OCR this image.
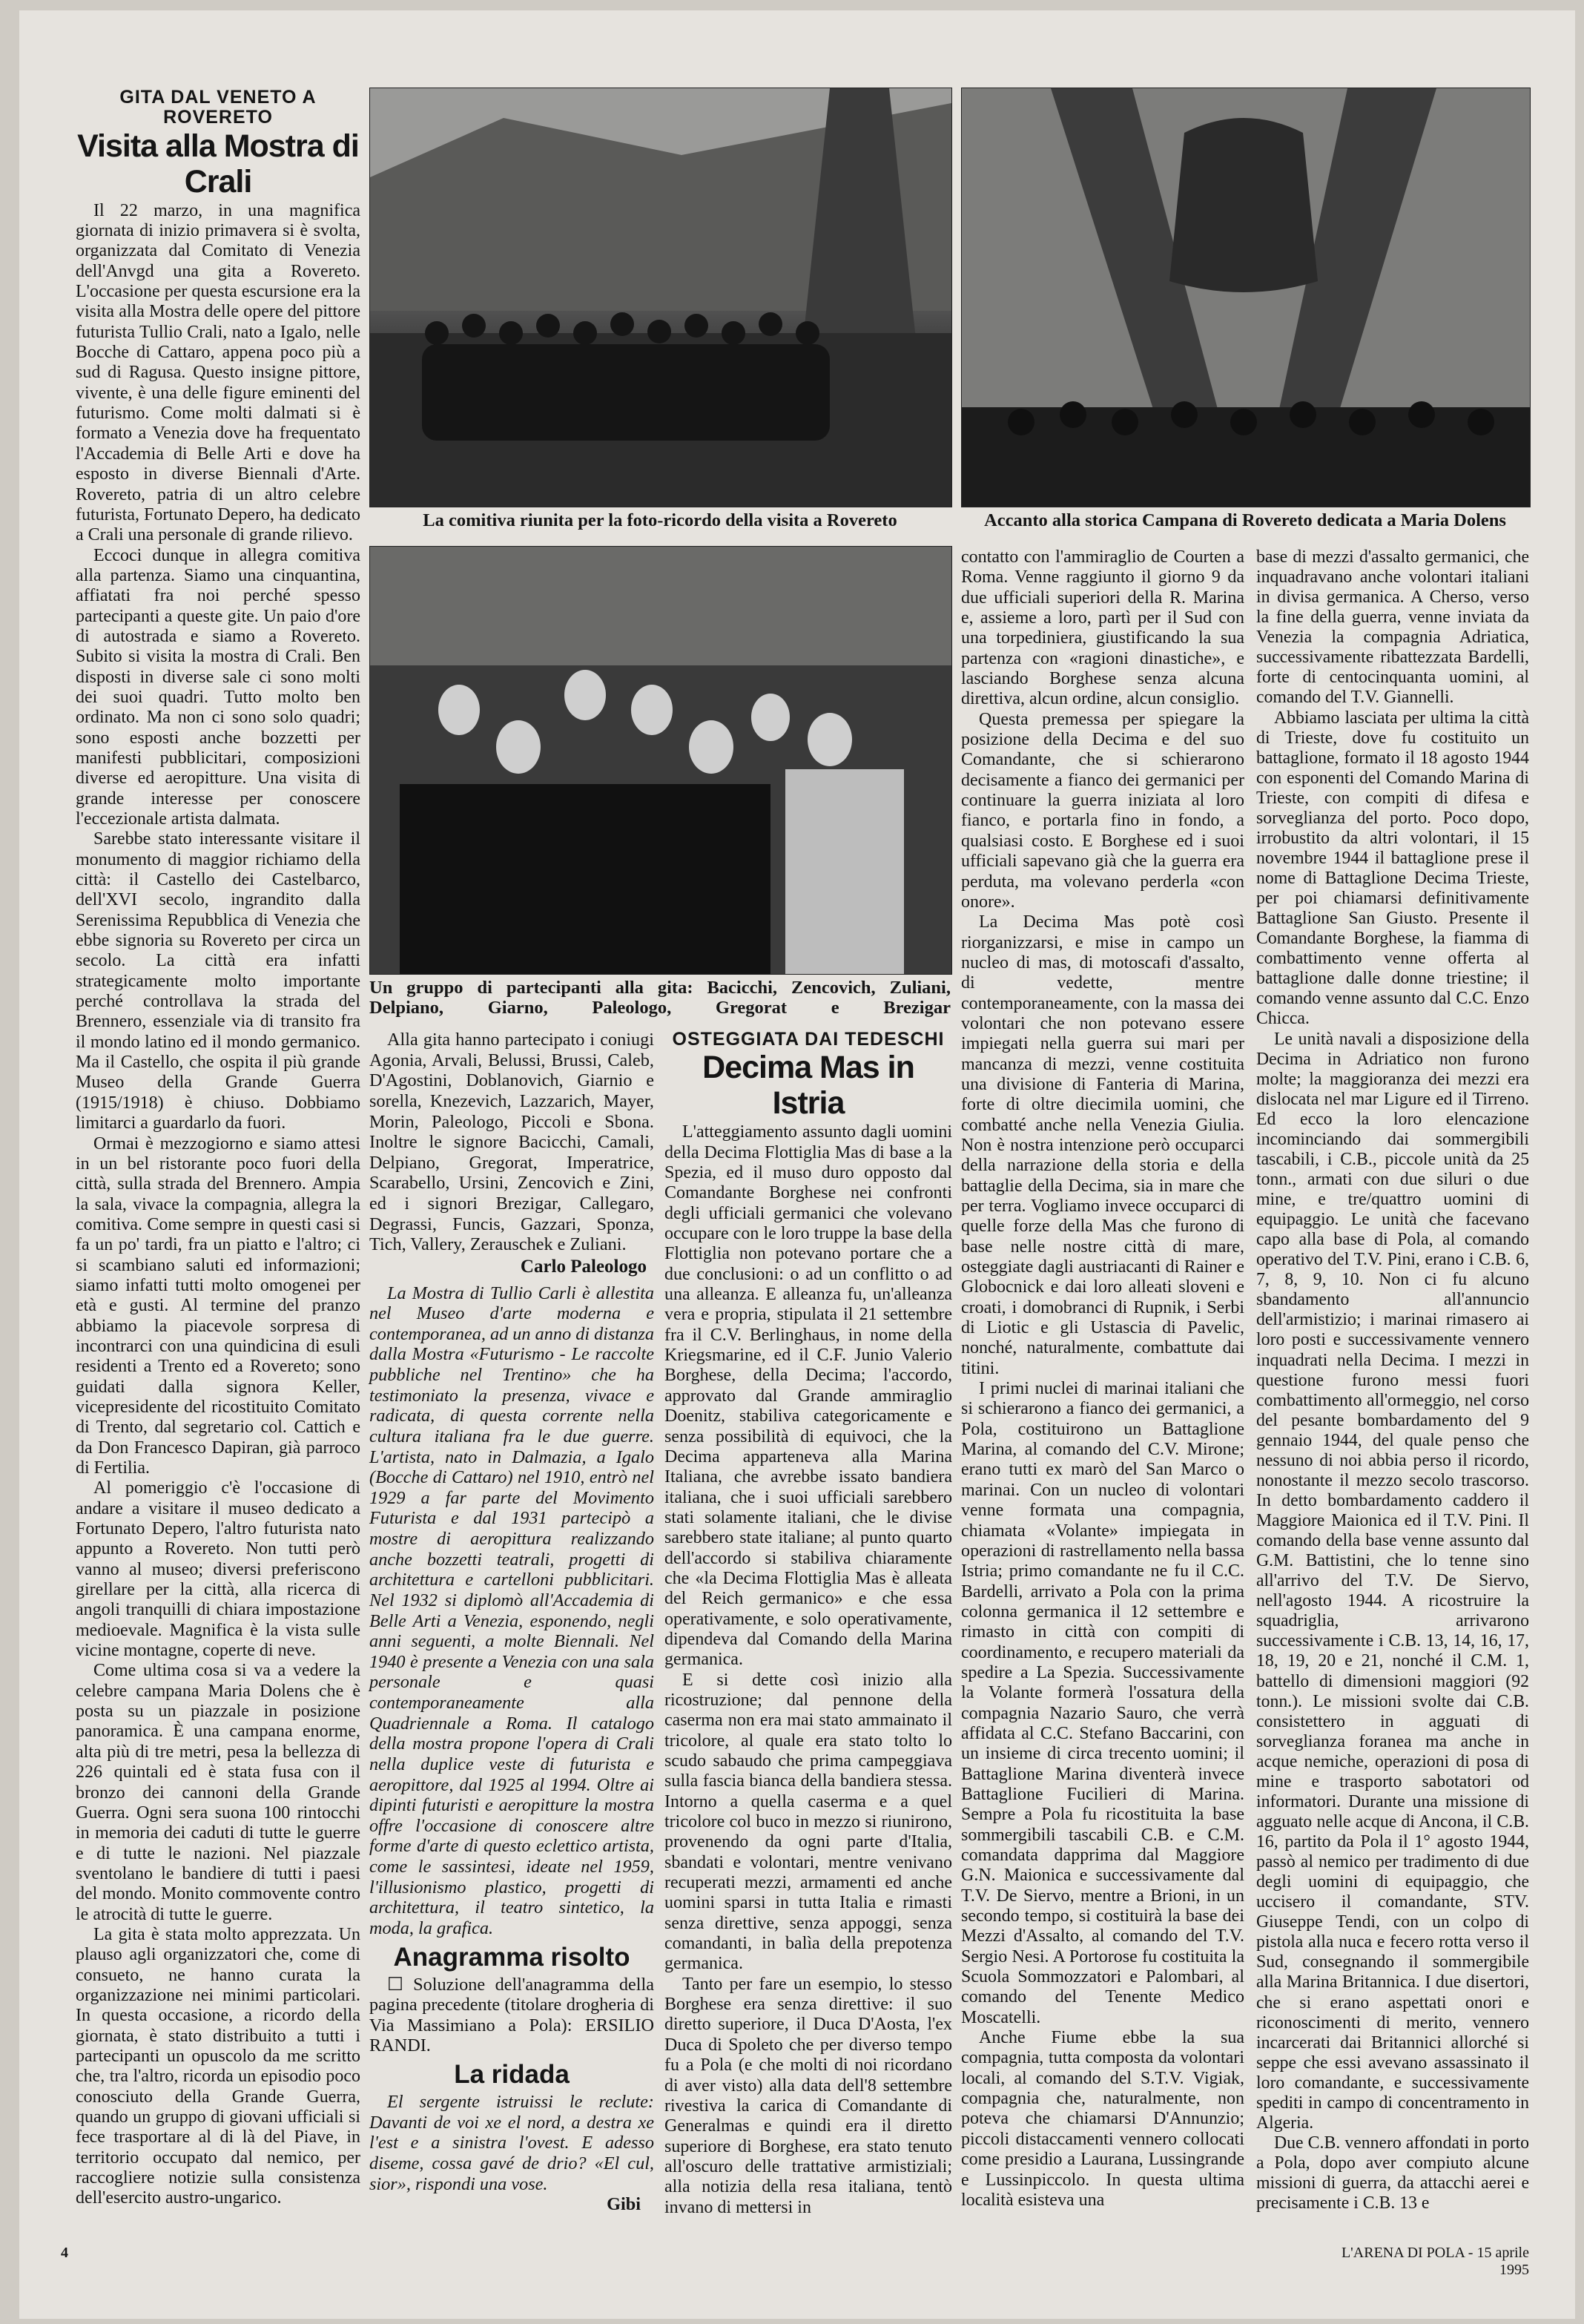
GITA DAL VENETO A ROVERETO
Visita alla Mostra di Crali

Il 22 marzo, in una magnifica giornata di inizio primavera si è svolta, organizzata dal Comitato di Venezia dell'Anvgd una gita a Rovereto. L'occasione per questa escursione era la visita alla Mostra delle opere del pittore futurista Tullio Crali, nato a Igalo, nelle Bocche di Cattaro, appena poco più a sud di Ragusa. Questo insigne pittore, vivente, è una delle figure eminenti del futurismo. Come molti dalmati si è formato a Venezia dove ha frequentato l'Accademia di Belle Arti e dove ha esposto in diverse Biennali d'Arte. Rovereto, patria di un altro celebre futurista, Fortunato Depero, ha dedicato a Crali una personale di grande rilievo.

Eccoci dunque in allegra comitiva alla partenza. Siamo una cinquantina, affiatati fra noi perché spesso partecipanti a queste gite. Un paio d'ore di autostrada e siamo a Rovereto. Subito si visita la mostra di Crali. Ben disposti in diverse sale ci sono molti dei suoi quadri. Tutto molto ben ordinato. Ma non ci sono solo quadri; sono esposti anche bozzetti per manifesti pubblicitari, composizioni diverse ed aeropitture. Una visita di grande interesse per conoscere l'eccezionale artista dalmata.

Sarebbe stato interessante visitare il monumento di maggior richiamo della città: il Castello dei Castelbarco, dell'XVI secolo, ingrandito dalla Serenissima Repubblica di Venezia che ebbe signoria su Rovereto per circa un secolo. La città era infatti strategicamente molto importante perché controllava la strada del Brennero, essenziale via di transito fra il mondo latino ed il mondo germanico. Ma il Castello, che ospita il più grande Museo della Grande Guerra (1915/1918) è chiuso. Dobbiamo limitarci a guardarlo da fuori.

Ormai è mezzogiorno e siamo attesi in un bel ristorante poco fuori della città, sulla strada del Brennero. Ampia la sala, vivace la compagnia, allegra la comitiva. Come sempre in questi casi si fa un po' tardi, fra un piatto e l'altro; ci si scambiano saluti ed informazioni; siamo infatti tutti molto omogenei per età e gusti. Al termine del pranzo abbiamo la piacevole sorpresa di incontrarci con una quindicina di esuli residenti a Trento ed a Rovereto; sono guidati dalla signora Keller, vicepresidente del ricostituito Comitato di Trento, dal segretario col. Cattich e da Don Francesco Dapiran, già parroco di Fertilia.

Al pomeriggio c'è l'occasione di andare a visitare il museo dedicato a Fortunato Depero, l'altro futurista nato appunto a Rovereto. Non tutti però vanno al museo; diversi preferiscono girellare per la città, alla ricerca di angoli tranquilli di chiara impostazione medioevale. Magnifica è la vista sulle vicine montagne, coperte di neve.

Come ultima cosa si va a vedere la celebre campana Maria Dolens che è posta su un piazzale in posizione panoramica. È una campana enorme, alta più di tre metri, pesa la bellezza di 226 quintali ed è stata fusa con il bronzo dei cannoni della Grande Guerra. Ogni sera suona 100 rintocchi in memoria dei caduti di tutte le guerre e di tutte le nazioni. Nel piazzale sventolano le bandiere di tutti i paesi del mondo. Monito commovente contro le atrocità di tutte le guerre.

La gita è stata molto apprezzata. Un plauso agli organizzatori che, come di consueto, ne hanno curata la organizzazione nei minimi particolari. In questa occasione, a ricordo della giornata, è stato distribuito a tutti i partecipanti un opuscolo da me scritto che, tra l'altro, ricorda un episodio poco conosciuto della Grande Guerra, quando un gruppo di giovani ufficiali si fece trasportare al di là del Piave, in territorio occupato dal nemico, per raccogliere notizie sulla consistenza dell'esercito austro-ungarico.

La comitiva riunita per la foto-ricordo della visita a Rovereto	Accanto alla storica Campana di Rovereto dedicata a Maria Dolens
Un gruppo di partecipanti alla gita: Bacicchi, Zencovich, Zuliani, Delpiano, Giarno, Paleologo, Gregorat e Brezigar

Alla gita hanno partecipato i coniugi Agonia, Arvali, Belussi, Brussi, Caleb, D'Agostini, Doblanovich, Giarnio e sorella, Knezevich, Lazzarich, Mayer, Morin, Paleologo, Piccoli e Sbona. Inoltre le signore Bacicchi, Camali, Delpiano, Gregorat, Imperatrice, Scarabello, Ursini, Zencovich e Zini, ed i signori Brezigar, Callegaro, Degrassi, Funcis, Gazzari, Sponza, Tich, Vallery, Zerauschek e Zuliani.

Carlo Paleologo

La Mostra di Tullio Carli è allestita nel Museo d'arte moderna e contemporanea, ad un anno di distanza dalla Mostra «Futurismo - Le raccolte pubbliche nel Trentino» che ha testimoniato la presenza, vivace e radicata, di questa corrente nella cultura italiana fra le due guerre. L'artista, nato in Dalmazia, a Igalo (Bocche di Cattaro) nel 1910, entrò nel 1929 a far parte del Movimento Futurista e dal 1931 partecipò a mostre di aeropittura realizzando anche bozzetti teatrali, progetti di architettura e cartelloni pubblicitari. Nel 1932 si diplomò all'Accademia di Belle Arti a Venezia, esponendo, negli anni seguenti, a molte Biennali. Nel 1940 è presente a Venezia con una sala personale e quasi contemporaneamente alla Quadriennale a Roma. Il catalogo della mostra propone l'opera di Crali nella duplice veste di futurista e aeropittore, dal 1925 al 1994. Oltre ai dipinti futuristi e aeropitture la mostra offre l'occasione di conoscere altre forme d'arte di questo eclettico artista, come le sassintesi, ideate nel 1959, l'illusionismo plastico, progetti di architettura, il teatro sintetico, la moda, la grafica.

Anagramma risolto

☐ Soluzione dell'anagramma della pagina precedente (titolare drogheria di Via Massimiano a Pola): ERSILIO RANDI.

La ridada

El sergente istruissi le reclute: Davanti de voi xe el nord, a destra xe l'est e a sinistra l'ovest. E adesso diseme, cossa gavé de drio? «El cul, sior», rispondi una vose.

Gibi
OSTEGGIATA DAI TEDESCHI
Decima Mas in Istria

L'atteggiamento assunto dagli uomini della Decima Flottiglia Mas di base a la Spezia, ed il muso duro opposto dal Comandante Borghese nei confronti degli ufficiali germanici che volevano occupare con le loro truppe la base della Flottiglia non potevano portare che a due conclusioni: o ad un conflitto o ad una alleanza. E alleanza fu, un'alleanza vera e propria, stipulata il 21 settembre fra il C.V. Berlinghaus, in nome della Kriegsmarine, ed il C.F. Junio Valerio Borghese, della Decima; l'accordo, approvato dal Grande ammiraglio Doenitz, stabiliva categoricamente e senza possibilità di equivoci, che la Decima apparteneva alla Marina Italiana, che avrebbe issato bandiera italiana, che i suoi ufficiali sarebbero stati solamente italiani, che le divise sarebbero state italiane; al punto quarto dell'accordo si stabiliva chiaramente che «la Decima Flottiglia Mas è alleata del Reich germanico» e che essa operativamente, e solo operativamente, dipendeva dal Comando della Marina germanica.

E si dette così inizio alla ricostruzione; dal pennone della caserma non era mai stato ammainato il tricolore, al quale era stato tolto lo scudo sabaudo che prima campeggiava sulla fascia bianca della bandiera stessa. Intorno a quella caserma e a quel tricolore col buco in mezzo si riunirono, provenendo da ogni parte d'Italia, sbandati e volontari, mentre venivano recuperati mezzi, armamenti ed anche uomini sparsi in tutta Italia e rimasti senza direttive, senza appoggi, senza comandanti, in balìa della prepotenza germanica.

Tanto per fare un esempio, lo stesso Borghese era senza direttive: il suo diretto superiore, il Duca D'Aosta, l'ex Duca di Spoleto che per diverso tempo fu a Pola (e che molti di noi ricordano di aver visto) alla data dell'8 settembre rivestiva la carica di Comandante di Generalmas e quindi era il diretto superiore di Borghese, era stato tenuto all'oscuro delle trattative armistiziali; alla notizia della resa italiana, tentò invano di mettersi in

contatto con l'ammiraglio de Courten a Roma. Venne raggiunto il giorno 9 da due ufficiali superiori della R. Marina e, assieme a loro, partì per il Sud con una torpediniera, giustificando la sua partenza con «ragioni dinastiche», e lasciando Borghese senza alcuna direttiva, alcun ordine, alcun consiglio.

Questa premessa per spiegare la posizione della Decima e del suo Comandante, che si schierarono decisamente a fianco dei germanici per continuare la guerra iniziata al loro fianco, e portarla fino in fondo, a qualsiasi costo. E Borghese ed i suoi ufficiali sapevano già che la guerra era perduta, ma volevano perderla «con onore».

La Decima Mas potè così riorganizzarsi, e mise in campo un nucleo di mas, di motoscafi d'assalto, di vedette, mentre contemporaneamente, con la massa dei volontari che non potevano essere impiegati nella guerra sui mari per mancanza di mezzi, venne costituita una divisione di Fanteria di Marina, forte di oltre diecimila uomini, che combatté anche nella Venezia Giulia. Non è nostra intenzione però occuparci della narrazione della storia e della battaglie della Decima, sia in mare che per terra. Vogliamo invece occuparci di quelle forze della Mas che furono di base nelle nostre città di mare, osteggiate dagli austriacanti di Rainer e Globocnick e dai loro alleati sloveni e croati, i domobranci di Rupnik, i Serbi di Liotic e gli Ustascia di Pavelic, nonché, naturalmente, combattute dai titini.

I primi nuclei di marinai italiani che si schierarono a fianco dei germanici, a Pola, costituirono un Battaglione Marina, al comando del C.V. Mirone; erano tutti ex marò del San Marco o marinai. Con un nucleo di volontari venne formata una compagnia, chiamata «Volante» impiegata in operazioni di rastrellamento nella bassa Istria; primo comandante ne fu il C.C. Bardelli, arrivato a Pola con la prima colonna germanica il 12 settembre e rimasto in città con compiti di coordinamento, e recupero materiali da spedire a La Spezia. Successivamente la Volante formerà l'ossatura della compagnia Nazario Sauro, che verrà affidata al C.C. Stefano Baccarini, con un insieme di circa trecento uomini; il Battaglione Marina diventerà invece Battaglione Fucilieri di Marina. Sempre a Pola fu ricostituita la base sommergibili tascabili C.B. e C.M. comandata dapprima dal Maggiore G.N. Maionica e successivamente dal T.V. De Siervo, mentre a Brioni, in un secondo tempo, si costituirà la base dei Mezzi d'Assalto, al comando del T.V. Sergio Nesi. A Portorose fu costituita la Scuola Sommozzatori e Palombari, al comando del Tenente Medico Moscatelli.

Anche Fiume ebbe la sua compagnia, tutta composta da volontari locali, al comando del S.T.V. Vigiak, compagnia che, naturalmente, non poteva che chiamarsi D'Annunzio; piccoli distaccamenti vennero collocati come presidio a Laurana, Lussingrande e Lussinpiccolo. In questa ultima località esisteva una

base di mezzi d'assalto germanici, che inquadravano anche volontari italiani in divisa germanica. A Cherso, verso la fine della guerra, venne inviata da Venezia la compagnia Adriatica, successivamente ribattezzata Bardelli, forte di centocinquanta uomini, al comando del T.V. Giannelli.

Abbiamo lasciata per ultima la città di Trieste, dove fu costituito un battaglione, formato il 18 agosto 1944 con esponenti del Comando Marina di Trieste, con compiti di difesa e sorveglianza del porto. Poco dopo, irrobustito da altri volontari, il 15 novembre 1944 il battaglione prese il nome di Battaglione Decima Trieste, per poi chiamarsi definitivamente Battaglione San Giusto. Presente il Comandante Borghese, la fiamma di combattimento venne offerta al battaglione dalle donne triestine; il comando venne assunto dal C.C. Enzo Chicca.

Le unità navali a disposizione della Decima in Adriatico non furono molte; la maggioranza dei mezzi era dislocata nel mar Ligure ed il Tirreno. Ed ecco la loro elencazione incominciando dai sommergibili tascabili, i C.B., piccole unità da 25 tonn., armati con due siluri o due mine, e tre/quattro uomini di equipaggio. Le unità che facevano capo alla base di Pola, al comando operativo del T.V. Pini, erano i C.B. 6, 7, 8, 9, 10. Non ci fu alcuno sbandamento all'annuncio dell'armistizio; i marinai rimasero ai loro posti e successivamente vennero inquadrati nella Decima. I mezzi in questione furono messi fuori combattimento all'ormeggio, nel corso del pesante bombardamento del 9 gennaio 1944, del quale penso che nessuno di noi abbia perso il ricordo, nonostante il mezzo secolo trascorso. In detto bombardamento caddero il Maggiore Maionica ed il T.V. Pini. Il comando della base venne assunto dal G.M. Battistini, che lo tenne sino all'arrivo del T.V. De Siervo, nell'agosto 1944. A ricostruire la squadriglia, arrivarono successivamente i C.B. 13, 14, 16, 17, 18, 19, 20 e 21, nonché il C.M. 1, battello di dimensioni maggiori (92 tonn.). Le missioni svolte dai C.B. consistettero in agguati di sorveglianza foranea ma anche in acque nemiche, operazioni di posa di mine e trasporto sabotatori od informatori. Durante una missione di agguato nelle acque di Ancona, il C.B. 16, partito da Pola il 1° agosto 1944, passò al nemico per tradimento di due degli uomini di equipaggio, che uccisero il comandante, STV. Giuseppe Tendi, con un colpo di pistola alla nuca e fecero rotta verso il Sud, consegnando il sommergibile alla Marina Britannica. I due disertori, che si erano aspettati onori e riconoscimenti di merito, vennero incarcerati dai Britannici allorché si seppe che essi avevano assassinato il loro comandante, e successivamente spediti in campo di concentramento in Algeria.

Due C.B. vennero affondati in porto a Pola, dopo aver compiuto alcune missioni di guerra, da attacchi aerei e precisamente i C.B. 13 e

4	L'ARENA DI POLA - 15 aprile 1995
